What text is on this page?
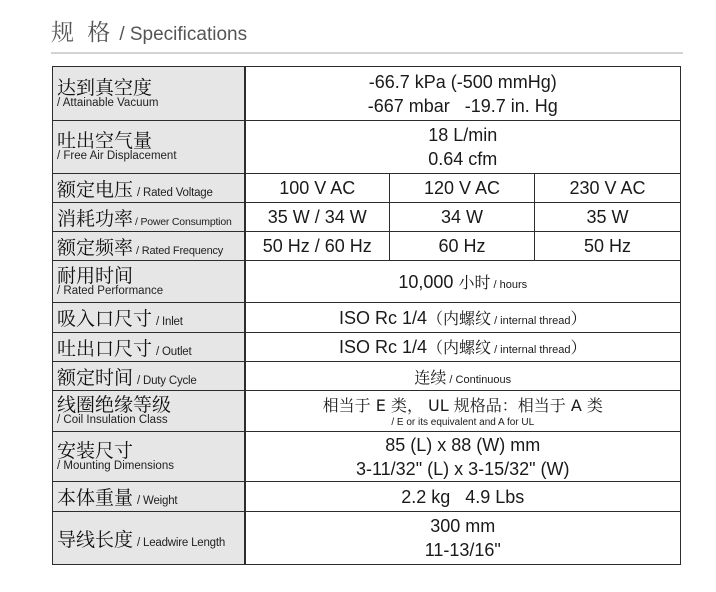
规 格 / Specifications
达到真空度
/ Attainable Vacuum	-66.7 kPa (-500 mmHg)
-667 mbar   -19.7 in. Hg		

吐出空气量
/ Free Air Displacement	18 L/min
0.64 cfm		

额定电压 / Rated Voltage	100 V AC	120 V AC	230 V AC
消耗功率 / Power Consumption	35 W / 34 W	34 W	35 W
额定频率 / Rated Frequency	50 Hz / 60 Hz	60 Hz	50 Hz

耐用时间
/ Rated Performance	10,000 小时 / hours		
吸入口尺寸 / Inlet	ISO Rc 1/4（内螺纹 / internal thread）		
吐出口尺寸 / Outlet	ISO Rc 1/4（内螺纹 / internal thread）		
额定时间 / Duty Cycle	连续 / Continuous		

线圈绝缘等级
/ Coil Insulation Class	相当于 E 类， UL 规格品：相当于 A 类
/ E or its equivalent and A for UL		

安装尺寸
/ Mounting Dimensions	85 (L) x 88 (W) mm
3-11/32" (L) x 3-15/32" (W)		

本体重量 / Weight	2.2 kg   4.9 Lbs		
导线长度 / Leadwire Length	300 mm
11-13/16"		
